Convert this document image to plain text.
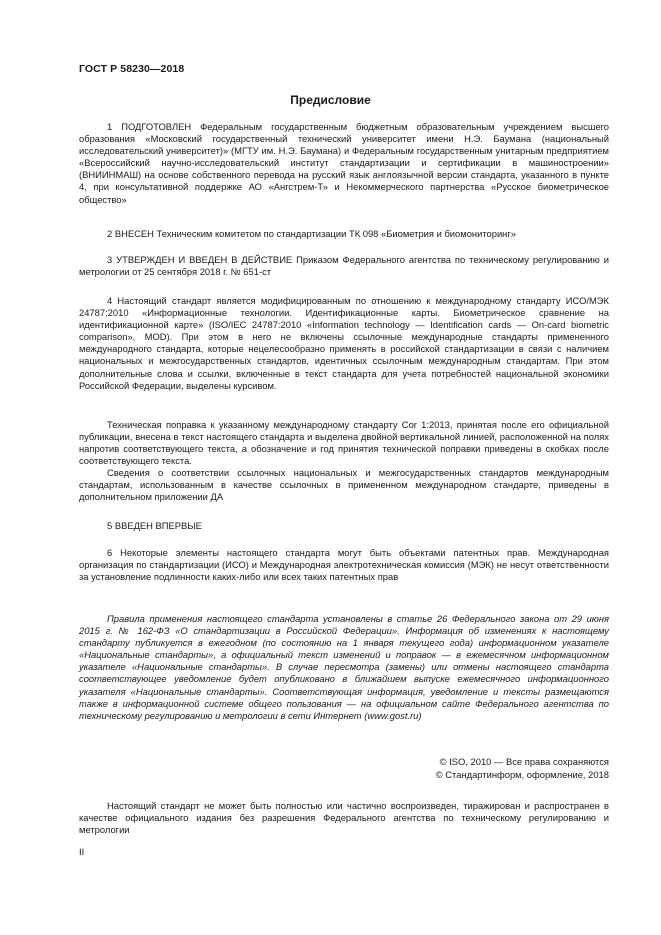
ГОСТ Р 58230—2018
Предисловие

1 ПОДГОТОВЛЕН Федеральным государственным бюджетным образовательным учреждением высшего образования «Московский государственный технический университет имени Н.Э. Баумана (национальный исследовательский университет)» (МГТУ им. Н.Э. Баумана) и Федеральным государственным унитарным предприятием «Всероссийский научно-исследовательский институт стандартизации и сертификации в машиностроении» (ВНИИНМАШ) на основе собственного перевода на русский язык англоязычной версии стандарта, указанного в пункте 4, при консультативной поддержке АО «Ангстрем-Т» и Некоммерческого партнерства «Русское биометрическое общество»

2 ВНЕСЕН Техническим комитетом по стандартизации ТК 098 «Биометрия и биомониторинг»

3 УТВЕРЖДЕН И ВВЕДЕН В ДЕЙСТВИЕ Приказом Федерального агентства по техническому регулированию и метрологии от 25 сентября 2018 г. № 651-ст

4 Настоящий стандарт является модифицированным по отношению к международному стандарту ИСО/МЭК 24787:2010 «Информационные технологии. Идентификационные карты. Биометрическое сравнение на идентификационной карте» (ISO/IEC 24787:2010 «Information technology — Identification cards — On-card biometric comparison», MOD). При этом в него не включены ссылочные международные стандарты примененного международного стандарта, которые нецелесообразно применять в российской стандартизации в связи с наличием национальных и межгосударственных стандартов, идентичных ссылочным международным стандартам. При этом дополнительные слова и ссылки, включенные в текст стандарта для учета потребностей национальной экономики Российской Федерации, выделены курсивом.

Техническая поправка к указанному международному стандарту Cor 1:2013, принятая после его официальной публикации, внесена в текст настоящего стандарта и выделена двойной вертикальной линией, расположенной на полях напротив соответствующего текста, а обозначение и год принятия технической поправки приведены в скобках после соответствующего текста.

Сведения о соответствии ссылочных национальных и межгосударственных стандартов международным стандартам, использованным в качестве ссылочных в примененном международном стандарте, приведены в дополнительном приложении ДА

5 ВВЕДЕН ВПЕРВЫЕ

6 Некоторые элементы настоящего стандарта могут быть объектами патентных прав. Международная организация по стандартизации (ИСО) и Международная электротехническая комиссия (МЭК) не несут ответственности за установление подлинности каких-либо или всех таких патентных прав

Правила применения настоящего стандарта установлены в статье 26 Федерального закона от 29 июня 2015 г. № 162-ФЗ «О стандартизации в Российской Федерации». Информация об изменениях к настоящему стандарту публикуется в ежегодном (по состоянию на 1 января текущего года) информационном указателе «Национальные стандарты», а официальный текст изменений и поправок — в ежемесячном информационном указателе «Национальные стандарты». В случае пересмотра (замены) или отмены настоящего стандарта соответствующее уведомление будет опубликовано в ближайшем выпуске ежемесячного информационного указателя «Национальные стандарты». Соответствующая информация, уведомление и тексты размещаются также в информационной системе общего пользования — на официальном сайте Федерального агентства по техническому регулированию и метрологии в сети Интернет (www.gost.ru)

© ISO, 2010 — Все права сохраняются
© Стандартинформ, оформление, 2018

Настоящий стандарт не может быть полностью или частично воспроизведен, тиражирован и распространен в качестве официального издания без разрешения Федерального агентства по техническому регулированию и метрологии

II
